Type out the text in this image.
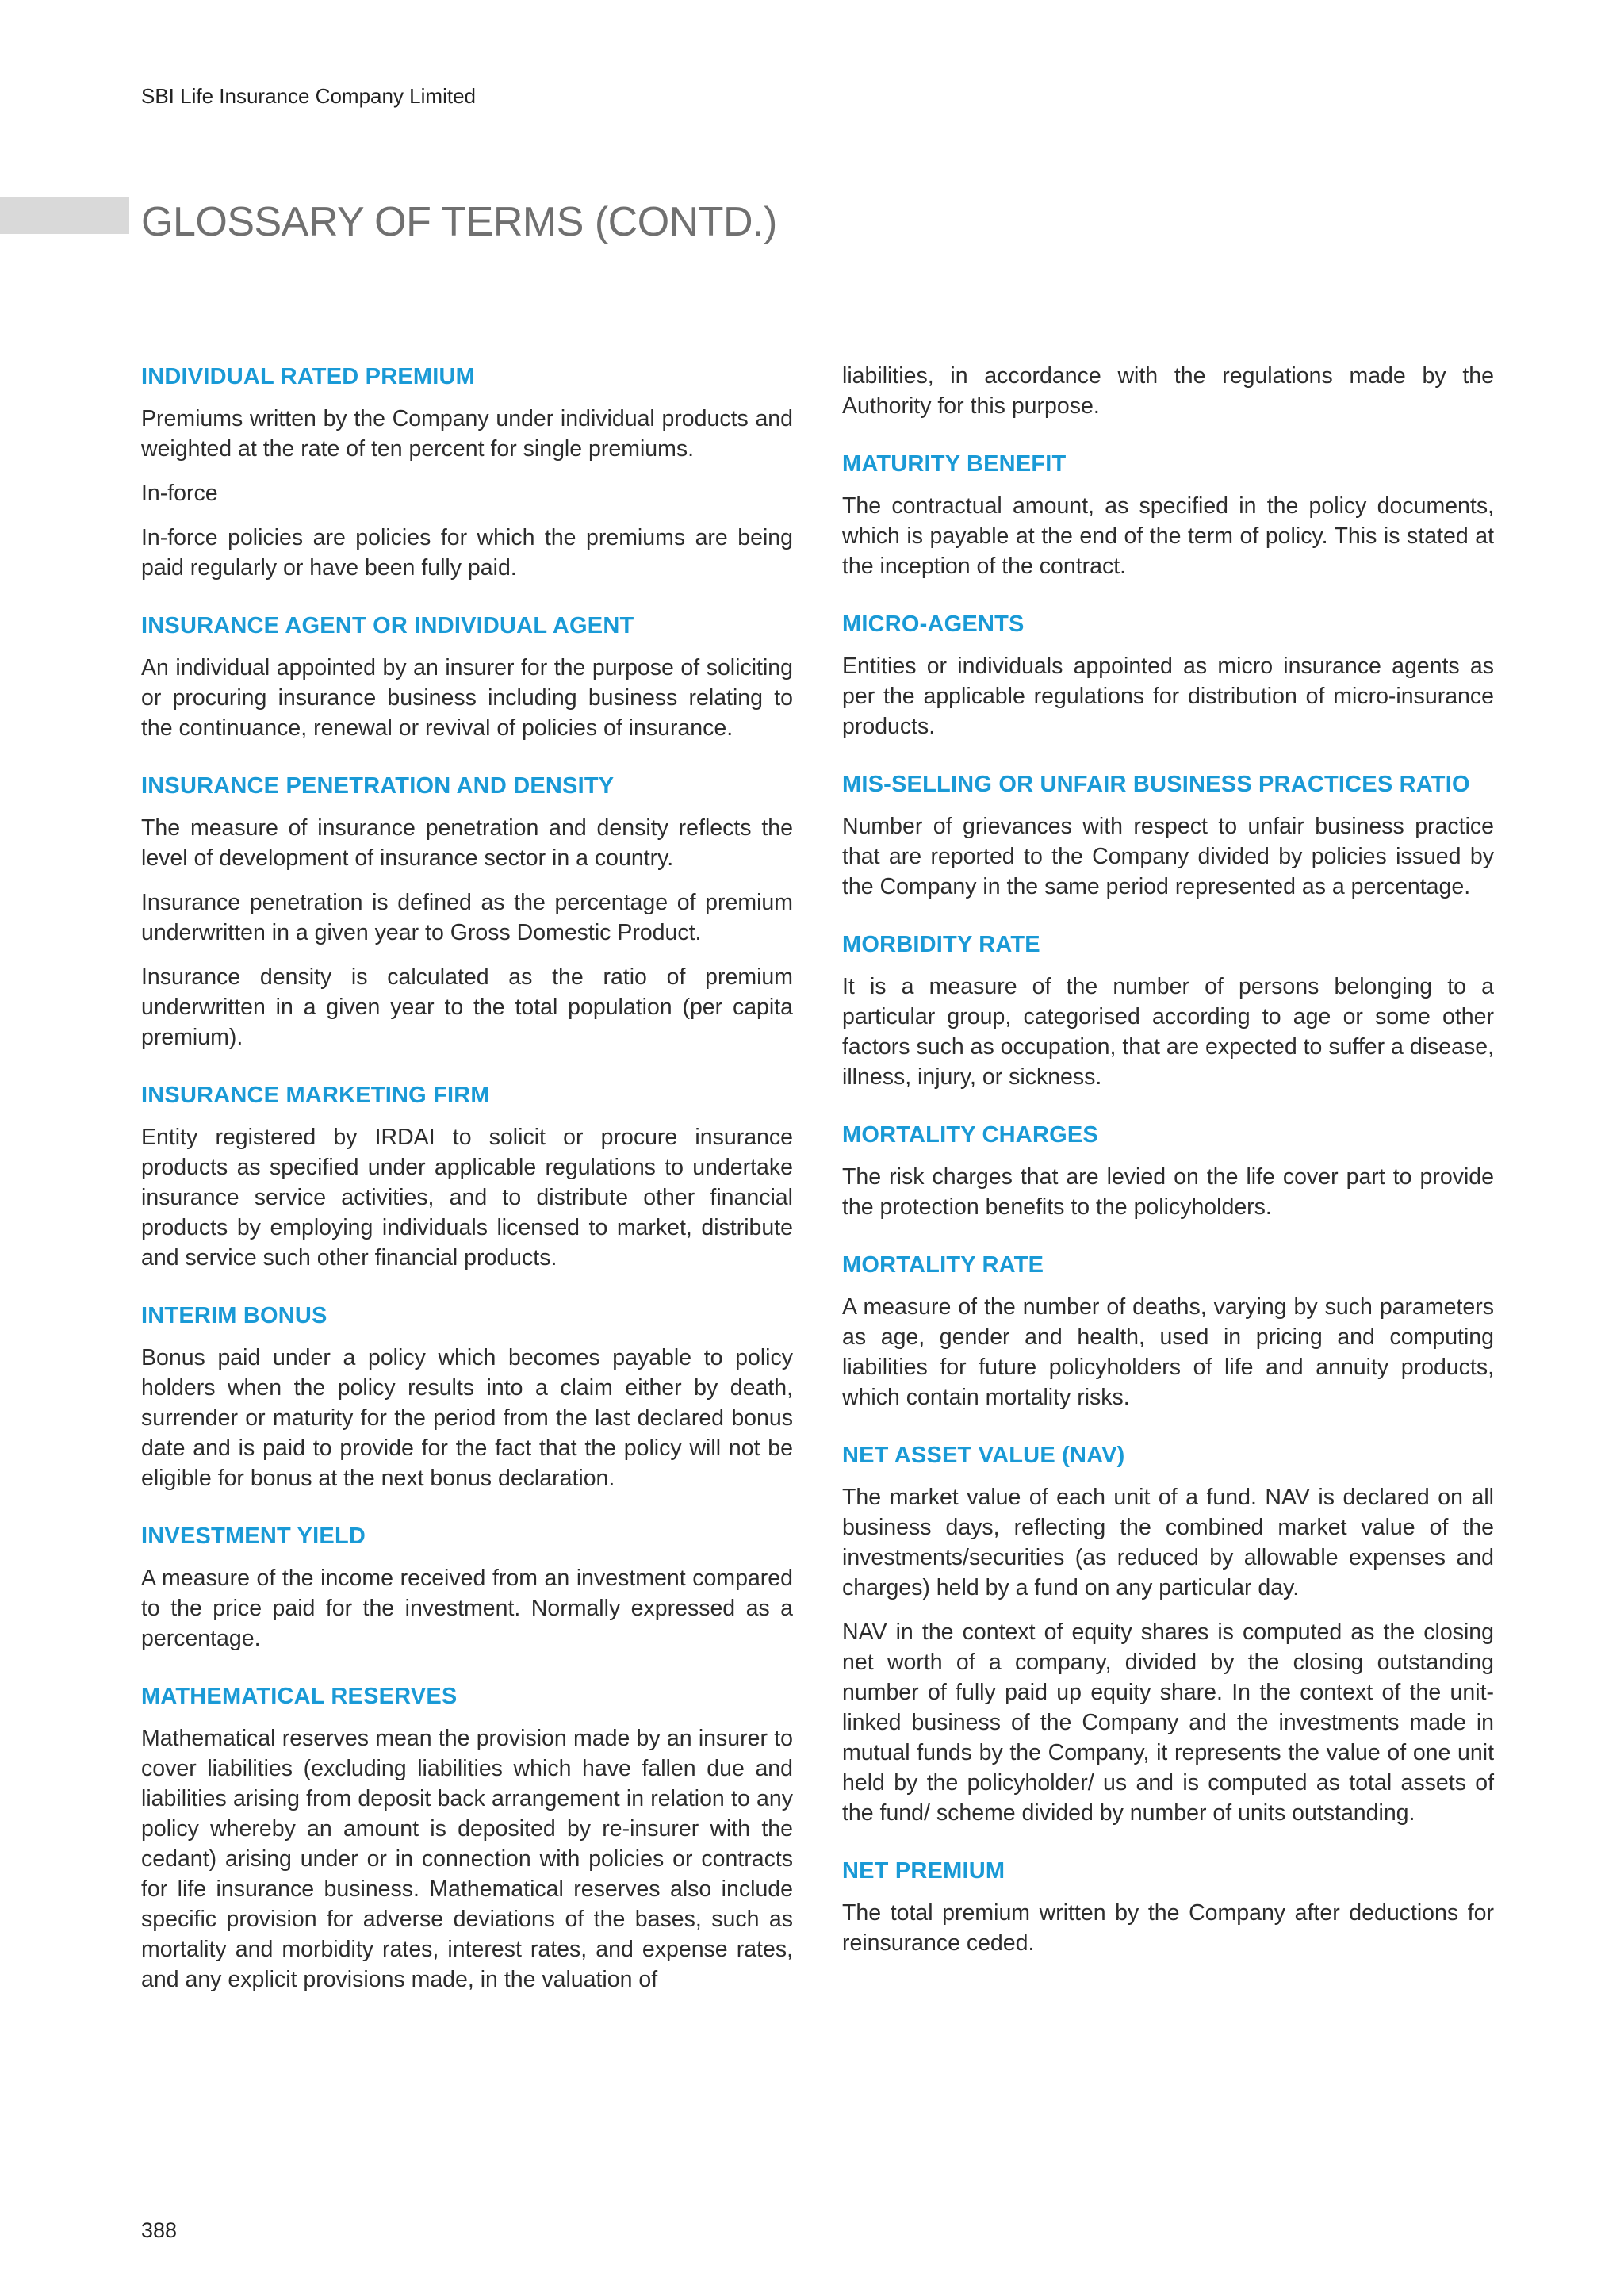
SBI Life Insurance Company Limited
GLOSSARY OF TERMS (CONTD.)
INDIVIDUAL RATED PREMIUM

Premiums written by the Company under individual products and weighted at the rate of ten percent for single premiums.

In-force

In-force policies are policies for which the premiums are being paid regularly or have been fully paid.

INSURANCE AGENT OR INDIVIDUAL AGENT

An individual appointed by an insurer for the purpose of soliciting or procuring insurance business including business relating to the continuance, renewal or revival of policies of insurance.

INSURANCE PENETRATION AND DENSITY

The measure of insurance penetration and density reflects the level of development of insurance sector in a country.

Insurance penetration is defined as the percentage of premium underwritten in a given year to Gross Domestic Product.

Insurance density is calculated as the ratio of premium underwritten in a given year to the total population (per capita premium).

INSURANCE MARKETING FIRM

Entity registered by IRDAI to solicit or procure insurance products as specified under applicable regulations to undertake insurance service activities, and to distribute other financial products by employing individuals licensed to market, distribute and service such other financial products.

INTERIM BONUS

Bonus paid under a policy which becomes payable to policy holders when the policy results into a claim either by death, surrender or maturity for the period from the last declared bonus date and is paid to provide for the fact that the policy will not be eligible for bonus at the next bonus declaration.

INVESTMENT YIELD

A measure of the income received from an investment compared to the price paid for the investment. Normally expressed as a percentage.

MATHEMATICAL RESERVES

Mathematical reserves mean the provision made by an insurer to cover liabilities (excluding liabilities which have fallen due and liabilities arising from deposit back arrangement in relation to any policy whereby an amount is deposited by re-insurer with the cedant) arising under or in connection with policies or contracts for life insurance business. Mathematical reserves also include specific provision for adverse deviations of the bases, such as mortality and morbidity rates, interest rates, and expense rates, and any explicit provisions made, in the valuation of

liabilities, in accordance with the regulations made by the Authority for this purpose.

MATURITY BENEFIT

The contractual amount, as specified in the policy documents, which is payable at the end of the term of policy. This is stated at the inception of the contract.

MICRO-AGENTS

Entities or individuals appointed as micro insurance agents as per the applicable regulations for distribution of micro-insurance products.

MIS-SELLING OR UNFAIR BUSINESS PRACTICES RATIO

Number of grievances with respect to unfair business practice that are reported to the Company divided by policies issued by the Company in the same period represented as a percentage.

MORBIDITY RATE

It is a measure of the number of persons belonging to a particular group, categorised according to age or some other factors such as occupation, that are expected to suffer a disease, illness, injury, or sickness.

MORTALITY CHARGES

The risk charges that are levied on the life cover part to provide the protection benefits to the policyholders.

MORTALITY RATE

A measure of the number of deaths, varying by such parameters as age, gender and health, used in pricing and computing liabilities for future policyholders of life and annuity products, which contain mortality risks.

NET ASSET VALUE (NAV)

The market value of each unit of a fund. NAV is declared on all business days, reflecting the combined market value of the investments/securities (as reduced by allowable expenses and charges) held by a fund on any particular day.

NAV in the context of equity shares is computed as the closing net worth of a company, divided by the closing outstanding number of fully paid up equity share. In the context of the unit-linked business of the Company and the investments made in mutual funds by the Company, it represents the value of one unit held by the policyholder/ us and is computed as total assets of the fund/ scheme divided by number of units outstanding.

NET PREMIUM

The total premium written by the Company after deductions for reinsurance ceded.

388
